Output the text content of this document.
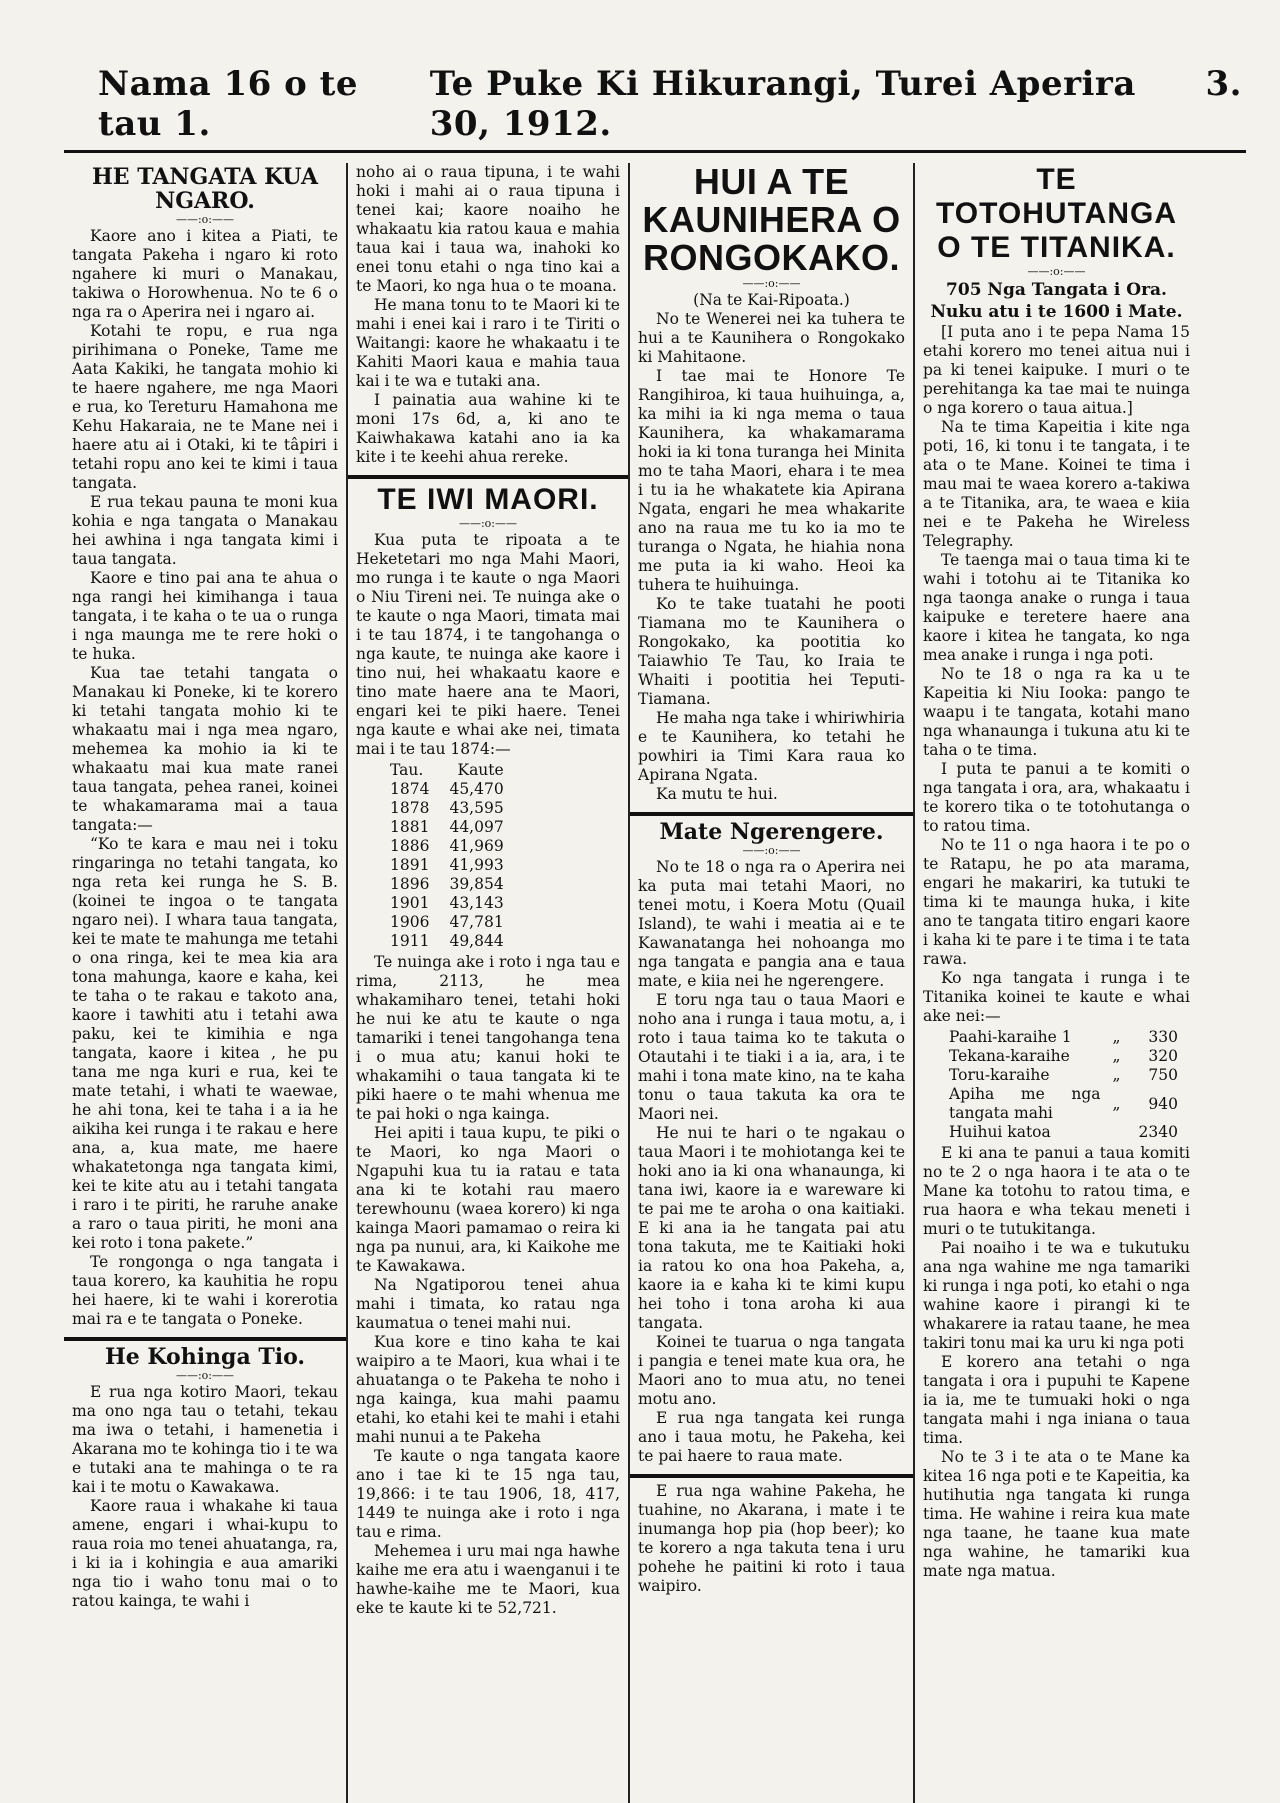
Nama 16 o te tau 1.
Te Puke Ki Hikurangi, Turei Aperira 30, 1912.
3.
HE TANGATA KUA NGARO.
——:o:——

Kaore ano i kitea a Piati, te tangata Pakeha i ngaro ki roto ngahere ki muri o Manakau, takiwa o Horowhenua. No te 6 o nga ra o Aperira nei i ngaro ai.

Kotahi te ropu, e rua nga pirihimana o Poneke, Tame me Aata Kakiki, he tangata mohio ki te haere ngahere, me nga Maori e rua, ko Tereturu Hamahona me Kehu Hakaraia, ne te Mane nei i haere atu ai i Otaki, ki te tâpiri i tetahi ropu ano kei te kimi i taua tangata.

E rua tekau pauna te moni kua kohia e nga tangata o Manakau hei awhina i nga tangata kimi i taua tangata.

Kaore e tino pai ana te ahua o nga rangi hei kimihanga i taua tangata, i te kaha o te ua o runga i nga maunga me te rere hoki o te huka.

Kua tae tetahi tangata o Manakau ki Poneke, ki te korero ki tetahi tangata mohio ki te whakaatu mai i nga mea ngaro, mehemea ka mohio ia ki te whakaatu mai kua mate ranei taua tangata, pehea ranei, koinei te whakamarama mai a taua tangata:—

“Ko te kara e mau nei i toku ringaringa no tetahi tangata, ko nga reta kei runga he S. B. (koinei te ingoa o te tangata ngaro nei). I whara taua tangata, kei te mate te mahunga me tetahi o ona ringa, kei te mea kia ara tona mahunga, kaore e kaha, kei te taha o te rakau e takoto ana, kaore i tawhiti atu i tetahi awa paku, kei te kimihia e nga tangata, kaore i kitea , he pu tana me nga kuri e rua, kei te mate tetahi, i whati te waewae, he ahi tona, kei te taha i a ia he aikiha kei runga i te rakau e here ana, a, kua mate, me haere whakatetonga nga tangata kimi, kei te kite atu au i tetahi tangata i raro i te piriti, he raruhe anake a raro o taua piriti, he moni ana kei roto i tona pakete.”

Te rongonga o nga tangata i taua korero, ka kauhitia he ropu hei haere, ki te wahi i korerotia mai ra e te tangata o Poneke.

He Kohinga Tio.
——:o:——

E rua nga kotiro Maori, tekau ma ono nga tau o tetahi, tekau ma iwa o tetahi, i hamenetia i Akarana mo te kohinga tio i te wa e tutaki ana te mahinga o te ra kai i te motu o Kawakawa.

Kaore raua i whakahe ki taua amene, engari i whai-kupu to raua roia mo tenei ahuatanga, ra, i ki ia i kohingia e aua amariki nga tio i waho tonu mai o to ratou kainga, te wahi i

noho ai o raua tipuna, i te wahi hoki i mahi ai o raua tipuna i tenei kai; kaore noaiho he whakaatu kia ratou kaua e mahia taua kai i taua wa, inahoki ko enei tonu etahi o nga tino kai a te Maori, ko nga hua o te moana.

He mana tonu to te Maori ki te mahi i enei kai i raro i te Tiriti o Waitangi: kaore he whakaatu i te Kahiti Maori kaua e mahia taua kai i te wa e tutaki ana.

I painatia aua wahine ki te moni 17s 6d, a, ki ano te Kaiwhakawa katahi ano ia ka kite i te keehi ahua rereke.

TE IWI MAORI.
——:o:——

Kua puta te ripoata a te Heketetari mo nga Mahi Maori, mo runga i te kaute o nga Maori o Niu Tireni nei. Te nuinga ake o te kaute o nga Maori, timata mai i te tau 1874, i te tangohanga o nga kaute, te nuinga ake kaore i tino nui, hei whakaatu kaore e tino mate haere ana te Maori, engari kei te piki haere. Tenei nga kaute e whai ake nei, timata mai i te tau 1874:—

Tau.	Kaute
1874	45,470
1878	43,595
1881	44,097
1886	41,969
1891	41,993
1896	39,854
1901	43,143
1906	47,781
1911	49,844

Te nuinga ake i roto i nga tau e rima, 2113, he mea whakamiharo tenei, tetahi hoki he nui ke atu te kaute o nga tamariki i tenei tangohanga tena i o mua atu; kanui hoki te whakamihi o taua tangata ki te piki haere o te mahi whenua me te pai hoki o nga kainga.

Hei apiti i taua kupu, te piki o te Maori, ko nga Maori o Ngapuhi kua tu ia ratau e tata ana ki te kotahi rau maero terewhounu (waea korero) ki nga kainga Maori pamamao o reira ki nga pa nunui, ara, ki Kaikohe me te Kawakawa.

Na Ngatiporou tenei ahua mahi i timata, ko ratau nga kaumatua o tenei mahi nui.

Kua kore e tino kaha te kai waipiro a te Maori, kua whai i te ahuatanga o te Pakeha te noho i nga kainga, kua mahi paamu etahi, ko etahi kei te mahi i etahi mahi nunui a te Pakeha

Te kaute o nga tangata kaore ano i tae ki te 15 nga tau, 19,866: i te tau 1906, 18, 417, 1449 te nuinga ake i roto i nga tau e rima.

Mehemea i uru mai nga hawhe kaihe me era atu i waenganui i te hawhe-kaihe me te Maori, kua eke te kaute ki te 52,721.

HUI A TE KAUNIHERA O RONGOKAKO.
——:o:——
(Na te Kai-Ripoata.)

No te Wenerei nei ka tuhera te hui a te Kaunihera o Rongokako ki Mahitaone.

I tae mai te Honore Te Rangihiroa, ki taua huihuinga, a, ka mihi ia ki nga mema o taua Kaunihera, ka whakamarama hoki ia ki tona turanga hei Minita mo te taha Maori, ehara i te mea i tu ia he whakatete kia Apirana Ngata, engari he mea whakarite ano na raua me tu ko ia mo te turanga o Ngata, he hiahia nona me puta ia ki waho. Heoi ka tuhera te huihuinga.

Ko te take tuatahi he pooti Tiamana mo te Kaunihera o Rongokako, ka pootitia ko Taiawhio Te Tau, ko Iraia te Whaiti i pootitia hei Teputi-Tiamana.

He maha nga take i whiriwhiria e te Kaunihera, ko tetahi he powhiri ia Timi Kara raua ko Apirana Ngata.

Ka mutu te hui.

Mate Ngerengere.
——:o:——

No te 18 o nga ra o Aperira nei ka puta mai tetahi Maori, no tenei motu, i Koera Motu (Quail Island), te wahi i meatia ai e te Kawanatanga hei nohoanga mo nga tangata e pangia ana e taua mate, e kiia nei he ngerengere.

E toru nga tau o taua Maori e noho ana i runga i taua motu, a, i roto i taua taima ko te takuta o Otautahi i te tiaki i a ia, ara, i te mahi i tona mate kino, na te kaha tonu o taua takuta ka ora te Maori nei.

He nui te hari o te ngakau o taua Maori i te mohiotanga kei te hoki ano ia ki ona whanaunga, ki tana iwi, kaore ia e wareware ki te pai me te aroha o ona kaitiaki. E ki ana ia he tangata pai atu tona takuta, me te Kaitiaki hoki ia ratou ko ona hoa Pakeha, a, kaore ia e kaha ki te kimi kupu hei toho i tona aroha ki aua tangata.

Koinei te tuarua o nga tangata i pangia e tenei mate kua ora, he Maori ano to mua atu, no tenei motu ano.

E rua nga tangata kei runga ano i taua motu, he Pakeha, kei te pai haere to raua mate.

E rua nga wahine Pakeha, he tuahine, no Akarana, i mate i te inumanga hop pia (hop beer); ko te korero a nga takuta tena i uru pohehe he paitini ki roto i taua waipiro.

TE TOTOHUTANGA O TE TITANIKA.
——:o:——
705 Nga Tangata i Ora.
Nuku atu i te 1600 i Mate.

[I puta ano i te pepa Nama 15 etahi korero mo tenei aitua nui i pa ki tenei kaipuke. I muri o te perehitanga ka tae mai te nuinga o nga korero o taua aitua.]

Na te tima Kapeitia i kite nga poti, 16, ki tonu i te tangata, i te ata o te Mane. Koinei te tima i mau mai te waea korero a-takiwa a te Titanika, ara, te waea e kiia nei e te Pakeha he Wireless Telegraphy.

Te taenga mai o taua tima ki te wahi i totohu ai te Titanika ko nga taonga anake o runga i taua kaipuke e teretere haere ana kaore i kitea he tangata, ko nga mea anake i runga i nga poti.

No te 18 o nga ra ka u te Kapeitia ki Niu Iooka: pango te waapu i te tangata, kotahi mano nga whanaunga i tukuna atu ki te taha o te tima.

I puta te panui a te komiti o nga tangata i ora, ara, whakaatu i te korero tika o te totohutanga o to ratou tima.

No te 11 o nga haora i te po o te Ratapu, he po ata marama, engari he makariri, ka tutuki te tima ki te maunga huka, i kite ano te tangata titiro engari kaore i kaha ki te pare i te tima i te tata rawa.

Ko nga tangata i runga i te Titanika koinei te kaute e whai ake nei:—

Paahi-karaihe 1	„	330
Tekana-karaihe	„	320
Toru-karaihe	„	750
Apiha me nga tangata mahi	„	940
Huihui katoa		2340

E ki ana te panui a taua komiti no te 2 o nga haora i te ata o te Mane ka totohu to ratou tima, e rua haora e wha tekau meneti i muri o te tutukitanga.

Pai noaiho i te wa e tukutuku ana nga wahine me nga tamariki ki runga i nga poti, ko etahi o nga wahine kaore i pirangi ki te whakarere ia ratau taane, he mea takiri tonu mai ka uru ki nga poti

E korero ana tetahi o nga tangata i ora i pupuhi te Kapene ia ia, me te tumuaki hoki o nga tangata mahi i nga iniana o taua tima.

No te 3 i te ata o te Mane ka kitea 16 nga poti e te Kapeitia, ka hutihutia nga tangata ki runga tima. He wahine i reira kua mate nga taane, he taane kua mate nga wahine, he tamariki kua mate nga matua.
